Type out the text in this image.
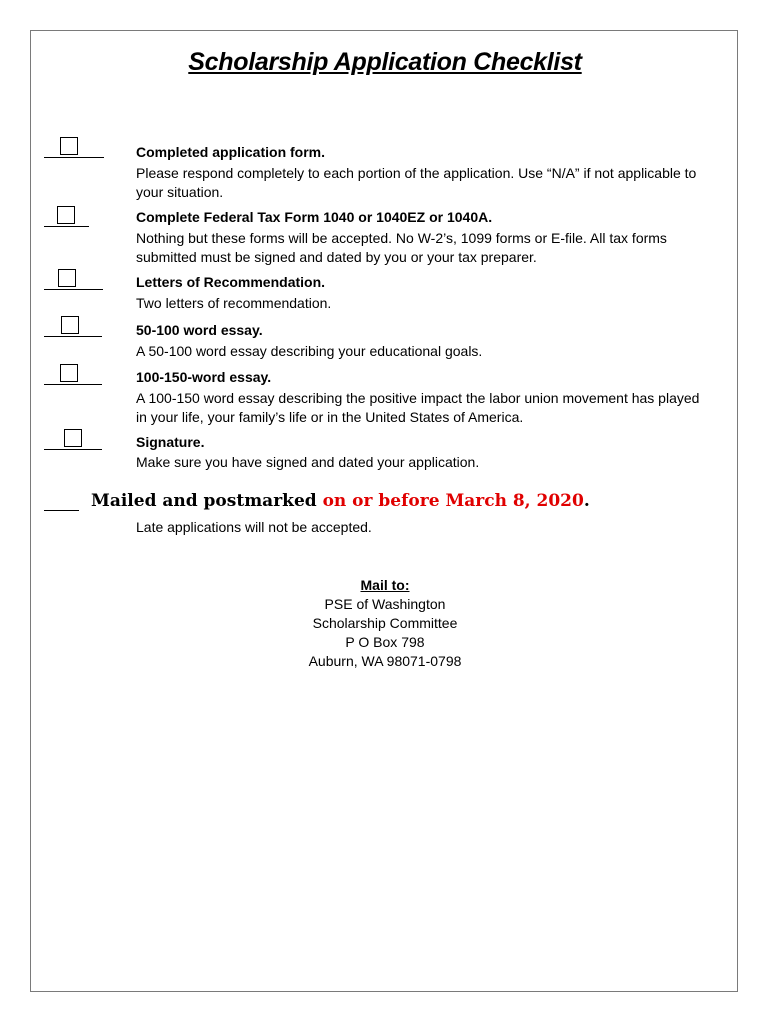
Scholarship Application Checklist
Completed application form.
Please respond completely to each portion of the application. Use “N/A” if not applicable to your situation.
Complete Federal Tax Form 1040 or 1040EZ or 1040A.
Nothing but these forms will be accepted. No W-2’s, 1099 forms or E-file. All tax forms submitted must be signed and dated by you or your tax preparer.
Letters of Recommendation.
Two letters of recommendation.
50-100 word essay.
A 50-100 word essay describing your educational goals.
100-150-word essay.
A 100-150 word essay describing the positive impact the labor union movement has played in your life, your family’s life or in the United States of America.
Signature.
Make sure you have signed and dated your application.
Mailed and postmarked on or before March 8, 2020.
Late applications will not be accepted.
Mail to:
PSE of Washington
Scholarship Committee
P O Box 798
Auburn, WA 98071-0798
